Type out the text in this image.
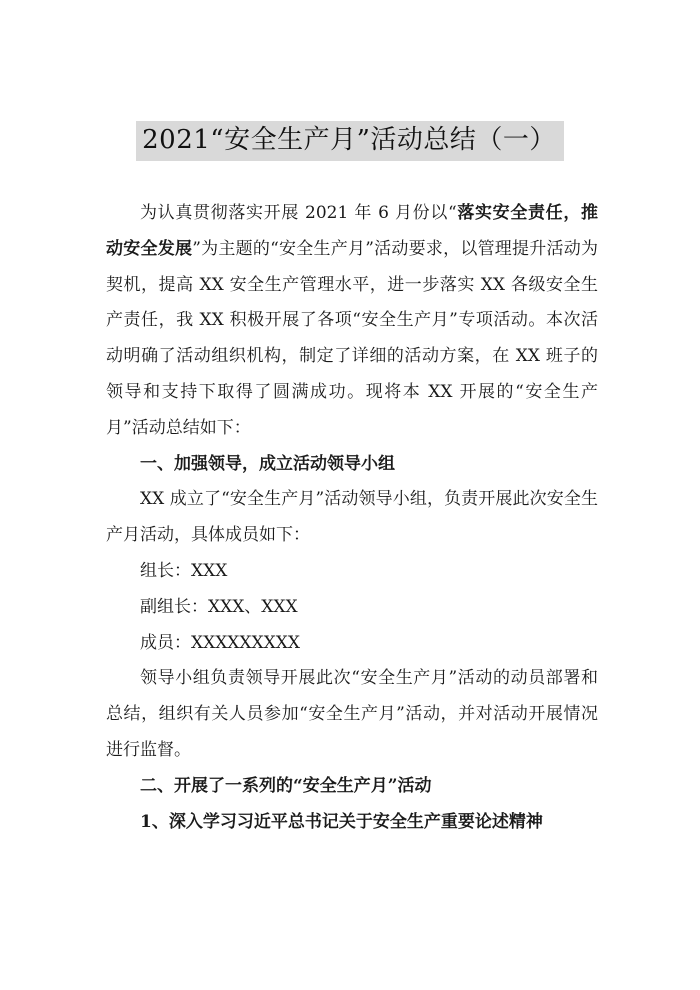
2021“安全生产月”活动总结（一）

为认真贯彻落实开展 2021 年 6 月份以“落实安全责任，推动安全发展”为主题的“安全生产月”活动要求，以管理提升活动为契机，提高 XX 安全生产管理水平，进一步落实 XX 各级安全生产责任，我 XX 积极开展了各项“安全生产月”专项活动。本次活动明确了活动组织机构，制定了详细的活动方案，在 XX 班子的领导和支持下取得了圆满成功。现将本 XX 开展的“安全生产月”活动总结如下：

一、加强领导，成立活动领导小组

XX 成立了“安全生产月”活动领导小组，负责开展此次安全生产月活动，具体成员如下：

组长：XXX

副组长：XXX、XXX

成员：XXXXXXXXX

领导小组负责领导开展此次“安全生产月”活动的动员部署和总结，组织有关人员参加“安全生产月”活动，并对活动开展情况进行监督。

二、开展了一系列的“安全生产月”活动

1、深入学习习近平总书记关于安全生产重要论述精神
